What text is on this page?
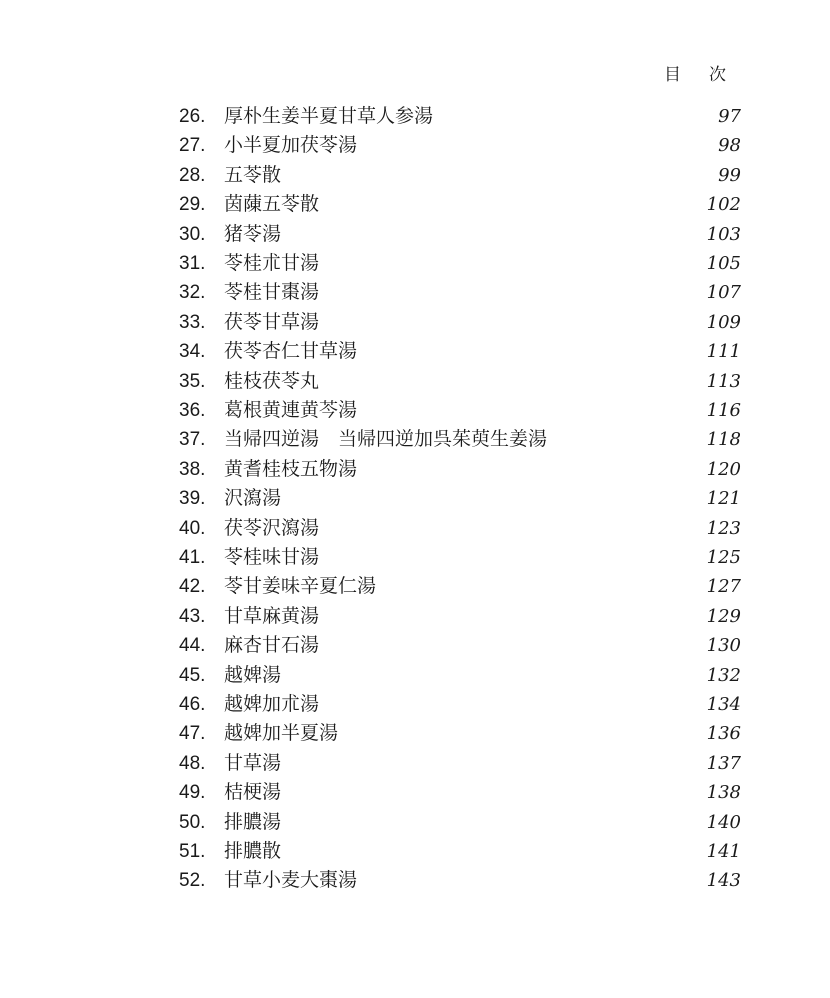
目 次
26. 厚朴生姜半夏甘草人参湯	97
27. 小半夏加茯苓湯	98
28. 五苓散	99
29. 茵蔯五苓散	102
30. 猪苓湯	103
31. 苓桂朮甘湯	105
32. 苓桂甘棗湯	107
33. 茯苓甘草湯	109
34. 茯苓杏仁甘草湯	111
35. 桂枝茯苓丸	113
36. 葛根黄連黄芩湯	116
37. 当帰四逆湯　当帰四逆加呉茱萸生姜湯	118
38. 黄耆桂枝五物湯	120
39. 沢瀉湯	121
40. 茯苓沢瀉湯	123
41. 苓桂味甘湯	125
42. 苓甘姜味辛夏仁湯	127
43. 甘草麻黄湯	129
44. 麻杏甘石湯	130
45. 越婢湯	132
46. 越婢加朮湯	134
47. 越婢加半夏湯	136
48. 甘草湯	137
49. 桔梗湯	138
50. 排膿湯	140
51. 排膿散	141
52. 甘草小麦大棗湯	143
